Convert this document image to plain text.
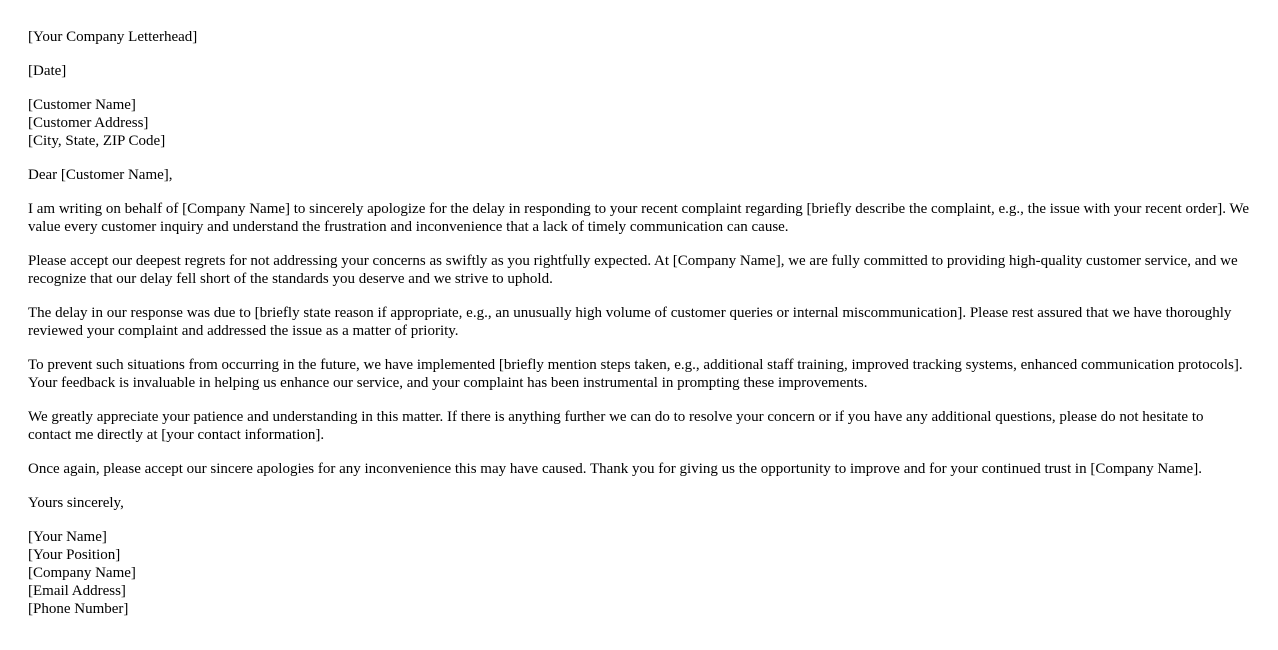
[Your Company Letterhead]

[Date]

[Customer Name]
[Customer Address]
[City, State, ZIP Code]

Dear [Customer Name],

I am writing on behalf of [Company Name] to sincerely apologize for the delay in responding to your recent complaint regarding [briefly describe the complaint, e.g., the issue with your recent order]. We value every customer inquiry and understand the frustration and inconvenience that a lack of timely communication can cause.

Please accept our deepest regrets for not addressing your concerns as swiftly as you rightfully expected. At [Company Name], we are fully committed to providing high-quality customer service, and we recognize that our delay fell short of the standards you deserve and we strive to uphold.

The delay in our response was due to [briefly state reason if appropriate, e.g., an unusually high volume of customer queries or internal miscommunication]. Please rest assured that we have thoroughly reviewed your complaint and addressed the issue as a matter of priority.

To prevent such situations from occurring in the future, we have implemented [briefly mention steps taken, e.g., additional staff training, improved tracking systems, enhanced communication protocols]. Your feedback is invaluable in helping us enhance our service, and your complaint has been instrumental in prompting these improvements.

We greatly appreciate your patience and understanding in this matter. If there is anything further we can do to resolve your concern or if you have any additional questions, please do not hesitate to contact me directly at [your contact information].

Once again, please accept our sincere apologies for any inconvenience this may have caused. Thank you for giving us the opportunity to improve and for your continued trust in [Company Name].

Yours sincerely,

[Your Name]
[Your Position]
[Company Name]
[Email Address]
[Phone Number]
